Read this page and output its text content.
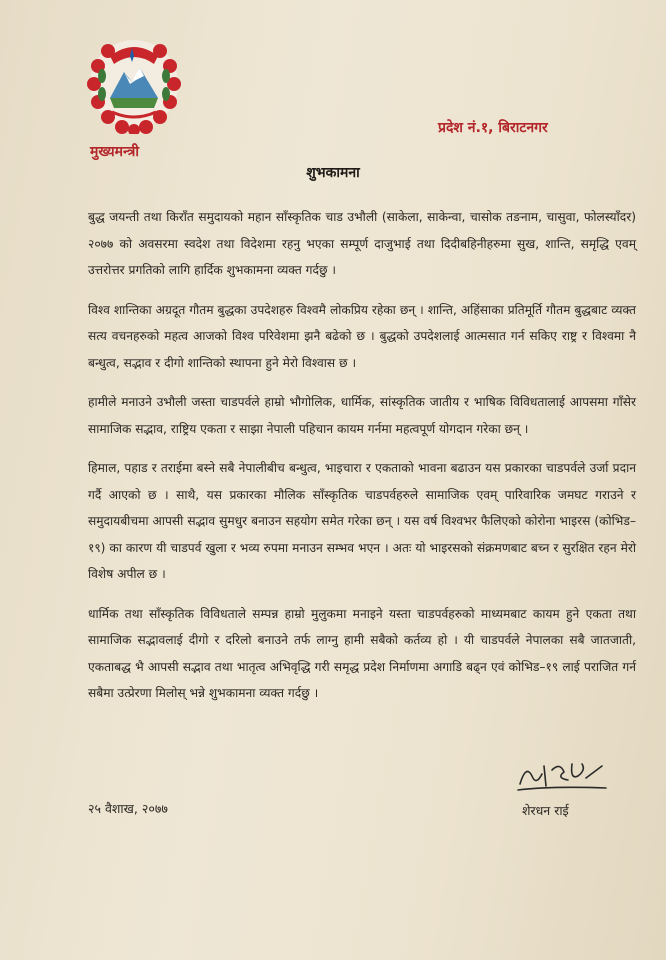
प्रदेश नं.१, बिराटनगर
मुख्यमन्त्री
शुभकामना

बुद्ध जयन्ती तथा किराँत समुदायको महान साँस्कृतिक चाड उभौली (साकेला, साकेन्वा, चासोक तङनाम, चासुवा, फोलस्याँदर) २०७७ को अवसरमा स्वदेश तथा विदेशमा रहनु भएका सम्पूर्ण दाजुभाई तथा दिदीबहिनीहरुमा सुख, शान्ति, समृद्धि एवम् उत्तरोत्तर प्रगतिको लागि हार्दिक शुभकामना व्यक्त गर्दछु ।

विश्व शान्तिका अग्रदूत गौतम बुद्धका उपदेशहरु विश्वमै लोकप्रिय रहेका छन् । शान्ति, अहिंसाका प्रतिमूर्ति गौतम बुद्धबाट व्यक्त सत्य वचनहरुको महत्व आजको विश्व परिवेशमा झनै बढेको छ । बुद्धको उपदेशलाई आत्मसात गर्न सकिए राष्ट्र र विश्वमा नै बन्धुत्व, सद्भाव र दीगो शान्तिको स्थापना हुने मेरो विश्वास छ ।

हामीले मनाउने उभौली जस्ता चाडपर्वले हाम्रो भौगोलिक, धार्मिक, सांस्कृतिक जातीय र भाषिक विविधतालाई आपसमा गाँसेर सामाजिक सद्भाव, राष्ट्रिय एकता र साझा नेपाली पहिचान कायम गर्नमा महत्वपूर्ण योगदान गरेका छन् ।

हिमाल, पहाड र तराईमा बस्ने सबै नेपालीबीच बन्धुत्व, भाइचारा र एकताको भावना बढाउन यस प्रकारका चाडपर्वले उर्जा प्रदान गर्दै आएको छ । साथै, यस प्रकारका मौलिक साँस्कृतिक चाडपर्वहरुले सामाजिक एवम् पारिवारिक जमघट गराउने र समुदायबीचमा आपसी सद्भाव सुमधुर बनाउन सहयोग समेत गरेका छन् । यस वर्ष विश्वभर फैलिएको कोरोना भाइरस (कोभिड–१९) का कारण यी चाडपर्व खुला र भव्य रुपमा मनाउन सम्भव भएन । अतः यो भाइरसको संक्रमणबाट बच्न र सुरक्षित रहन मेरो विशेष अपील छ ।

धार्मिक तथा साँस्कृतिक विविधताले सम्पन्न हाम्रो मुलुकमा मनाइने यस्ता चाडपर्वहरुको माध्यमबाट कायम हुने एकता तथा सामाजिक सद्भावलाई दीगो र दरिलो बनाउने तर्फ लाग्नु हामी सबैको कर्तव्य हो । यी चाडपर्वले नेपालका सबै जातजाती, एकताबद्ध भै आपसी सद्भाव तथा भातृत्व अभिवृद्धि गरी समृद्ध प्रदेश निर्माणमा अगाडि बढ्न एवं कोभिड–१९ लाई पराजित गर्न सबैमा उत्प्रेरणा मिलोस् भन्ने शुभकामना व्यक्त गर्दछु ।

२५ वैशाख, २०७७	शेरधन राई
